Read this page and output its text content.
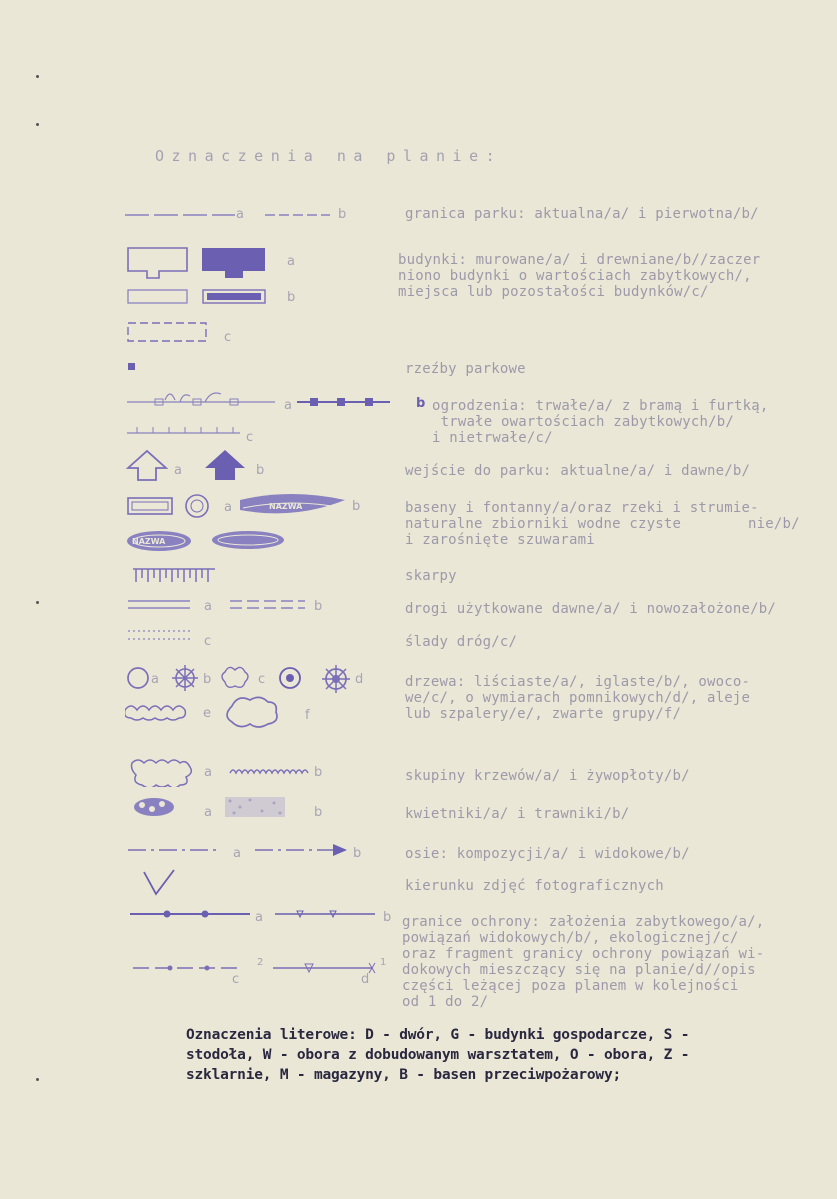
Oznaczenia na planie:
a	b	granica parku: aktualna/a/ i pierwotna/b/
a
b
c
budynki: murowane/a/ i drewniane/b//zaczer
niono budynki o wartościach zabytkowych/,
miejsca lub pozostałości budynków/c/
rzeźby parkowe
a	b
c
ogrodzenia: trwałe/a/ z bramą i furtką,
trwałe owartościach zabytkowych/b/
i nietrwałe/c/
a	b	wejście do parku: aktualne/a/ i dawne/b/
a	b
NAZWA
NAZWA
baseny i fontanny/a/oraz rzeki i strumie-
naturalne zbiorniki wodne czyste
i zarośnięte szuwarami
nie/b/
skarpy
a	b	drogi użytkowane dawne/a/ i nowozałożone/b/
c	ślady dróg/c/
a	b	c	d
e	f
drzewa: liściaste/a/, iglaste/b/, owoco-
we/c/, o wymiarach pomnikowych/d/, aleje
lub szpalery/e/, zwarte grupy/f/
a	b	skupiny krzewów/a/ i żywopłoty/b/
a	b	kwietniki/a/ i trawniki/b/
a	b	osie: kompozycji/a/ i widokowe/b/
kierunku zdjęć fotograficznych
a	b
c	d
2	1
granice ochrony: założenia zabytkowego/a/,
powiązań widokowych/b/, ekologicznej/c/
oraz fragment granicy ochrony powiązań wi-
dokowych mieszczący się na planie/d//opis
części leżącej poza planem w kolejności
od 1 do 2/
Oznaczenia literowe: D - dwór, G - budynki gospodarcze, S -
stodoła, W - obora z dobudowanym warsztatem, O - obora, Z -
szklarnie, M - magazyny, B - basen przeciwpożarowy;
